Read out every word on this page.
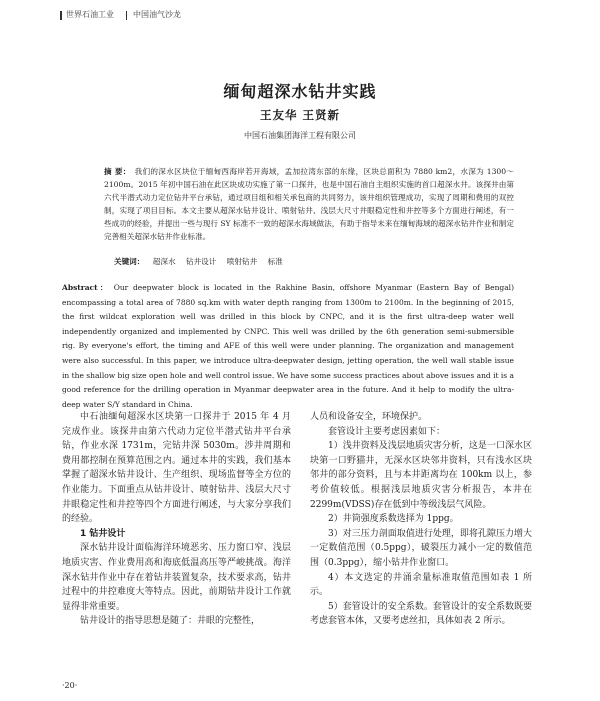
世界石油工业 中国油气沙龙
缅甸超深水钻井实践
王友华 王贤新
中国石油集团海洋工程有限公司
摘 要： 我们的深水区块位于缅甸西海岸若开海域，孟加拉湾东部的东缘，区块总面积为 7880 km2，水深为 1300～2100m。2015 年初中国石油在此区块成功实施了第一口探井，也是中国石油自主组织实施的首口超深水井。该探井由第六代半潜式动力定位钻井平台承钻，通过项目组和相关承包商的共同努力，该井组织管理成功，实现了周期和费用的双控制，实现了项目目标。本文主要从超深水钻井设计、喷射钻井、浅层大尺寸井眼稳定性和井控等多个方面进行阐述，有一些成功的经验，并提出一些与现行 SY 标准不一致的超深水海域做法，有助于指导未来在缅甸海域的超深水钻井作业和制定完善相关超深水钻井作业标准。
关键词： 超深水 钻井设计 喷射钻井 标准
Abstract： Our deepwater block is located in the Rakhine Basin, offshore Myanmar (Eastern Bay of Bengal) encompassing a total area of 7880 sq.km with water depth ranging from 1300m to 2100m. In the beginning of 2015, the first wildcat exploration well was drilled in this block by CNPC, and it is the first ultra-deep water well independently organized and implemented by CNPC. This well was drilled by the 6th generation semi-submersible rig. By everyone's effort, the timing and AFE of this well were under planning. The organization and management were also successful. In this paper, we introduce ultra-deepwater design, jetting operation, the well wall stable issue in the shallow big size open hole and well control issue. We have some success practices about above issues and it is a good reference for the drilling operation in Myanmar deepwater area in the future. And it help to modify the ultra-deep water S/Y standard in China.

中石油缅甸超深水区块第一口探井于 2015 年 4 月完成作业。该探井由第六代动力定位半潜式钻井平台承钻，作业水深 1731m，完钻井深 5030m。涉井周期和费用都控制在预算范围之内。通过本井的实践，我们基本掌握了超深水钻井设计、生产组织、现场监督等全方位的作业能力。下面重点从钻井设计、喷射钻井、浅层大尺寸井眼稳定性和井控等四个方面进行阐述，与大家分享我们的经验。

1 钻井设计

深水钻井设计面临海洋环境恶劣、压力窗口窄、浅层地质灾害、作业费用高和海底低温高压等严峻挑战。海洋深水钻井作业中存在着钻井装置复杂，技术要求高，钻井过程中的井控难度大等特点。因此，前期钻井设计工作就显得非常重要。

钻井设计的指导思想是随了：井眼的完整性，

人员和设备安全，环境保护。

套管设计主要考虑因素如下：

1）浅井资料及浅层地质灾害分析，这是一口深水区块第一口野猫井，无深水区块邻井资料，只有浅水区块邻井的部分资料，且与本井距离均在 100km 以上，参考价值较低。根据浅层地质灾害分析报告，本井在 2299m(VDSS)存在低到中等级浅层气风险。

2）井筒强度系数选择为 1ppg。

3）对三压力剖面取值进行处理，即将孔隙压力增大一定数值范围（0.5ppg），破裂压力减小一定的数值范围（0.3ppg），缩小钻井作业窗口。

4）本文选定的井涌余量标准取值范围如表 1 所示。

5）套管设计的安全系数。套管设计的安全系数既要考虑套管本体，又要考虑丝扣，具体如表 2 所示。

·20·
